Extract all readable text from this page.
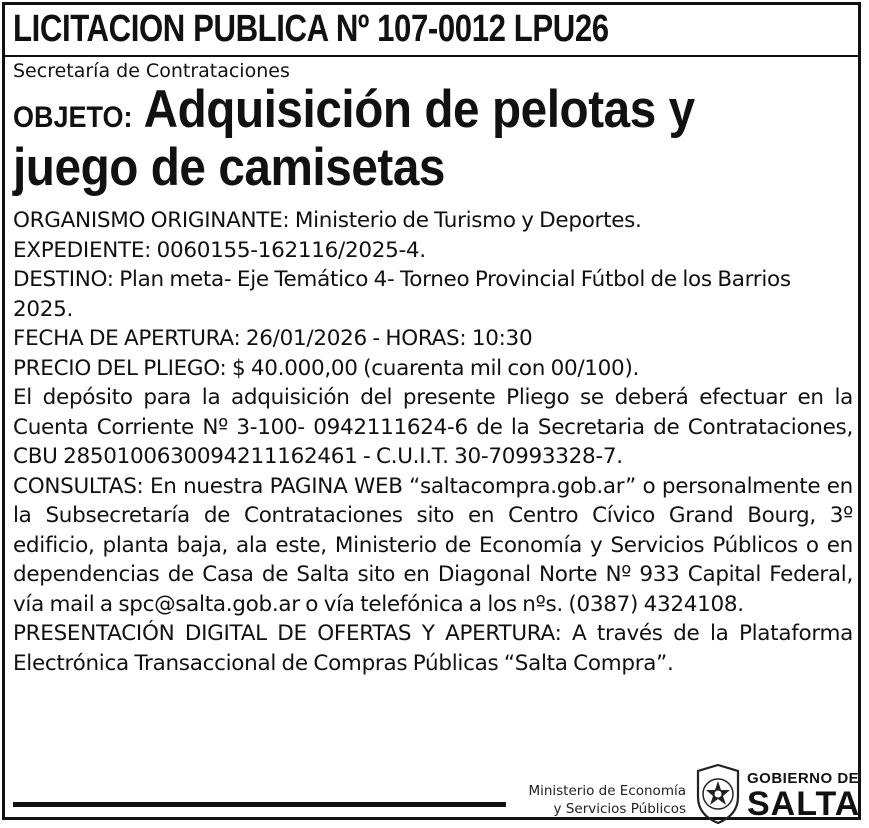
LICITACION PUBLICA Nº 107-0012 LPU26
Secretaría de Contrataciones
OBJETO: Adquisición de pelotas y juego de camisetas

ORGANISMO ORIGINANTE: Ministerio de Turismo y Deportes.

EXPEDIENTE: 0060155-162116/2025-4.

DESTINO: Plan meta- Eje Temático 4- Torneo Provincial Fútbol de los Barrios 2025.

FECHA DE APERTURA: 26/01/2026 - HORAS: 10:30

PRECIO DEL PLIEGO: $ 40.000,00 (cuarenta mil con 00/100).

El depósito para la adquisición del presente Pliego se deberá efectuar en la Cuenta Corriente Nº 3-100- 0942111624-6 de la Secretaria de Contrataciones, CBU 2850100630094211162461 - C.U.I.T. 30-70993328-7.

CONSULTAS: En nuestra PAGINA WEB “saltacompra.gob.ar” o personalmente en la Subsecretaría de Contrataciones sito en Centro Cívico Grand Bourg, 3º edificio, planta baja, ala este, Ministerio de Economía y Servicios Públicos o en dependencias de Casa de Salta sito en Diagonal Norte Nº 933 Capital Federal, vía mail a spc@salta.gob.ar o vía telefónica a los nºs. (0387) 4324108.

PRESENTACIÓN DIGITAL DE OFERTAS Y APERTURA: A través de la Plataforma Electrónica Transaccional de Compras Públicas “Salta Compra”.

Ministerio de Economía
y Servicios Públicos
GOBIERNO DE
SALTA
